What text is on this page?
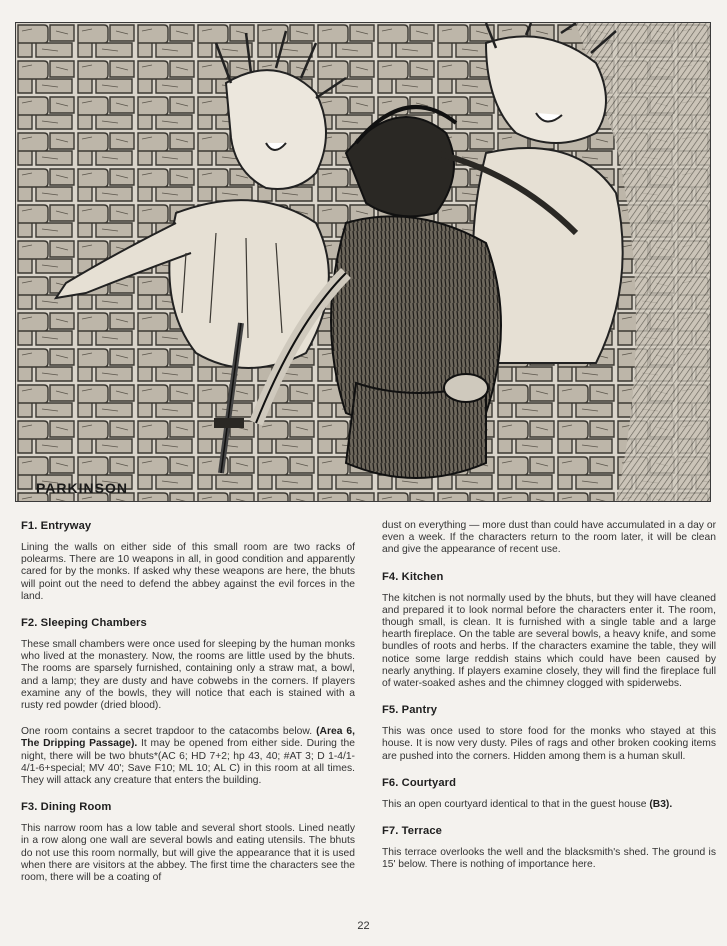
PARKINSON
F1. Entryway

Lining the walls on either side of this small room are two racks of polearms. There are 10 weapons in all, in good condition and apparently cared for by the monks. If asked why these weapons are here, the bhuts will point out the need to defend the abbey against the evil forces in the land.

F2. Sleeping Chambers

These small chambers were once used for sleeping by the human monks who lived at the monastery. Now, the rooms are little used by the bhuts. The rooms are sparsely furnished, containing only a straw mat, a bowl, and a lamp; they are dusty and have cobwebs in the corners. If players examine any of the bowls, they will notice that each is stained with a rusty red powder (dried blood).

One room contains a secret trapdoor to the catacombs below. (Area 6, The Dripping Passage). It may be opened from either side. During the night, there will be two bhuts*(AC 6; HD 7+2; hp 43, 40; #AT 3; D 1-4/1-4/1-6+special; MV 40'; Save F10; ML 10; AL C) in this room at all times. They will attack any creature that enters the building.

F3. Dining Room

This narrow room has a low table and several short stools. Lined neatly in a row along one wall are several bowls and eating utensils. The bhuts do not use this room normally, but will give the appearance that it is used when there are visitors at the abbey. The first time the characters see the room, there will be a coating of

dust on everything — more dust than could have accumulated in a day or even a week. If the characters return to the room later, it will be clean and give the appearance of recent use.

F4. Kitchen

The kitchen is not normally used by the bhuts, but they will have cleaned and prepared it to look normal before the characters enter it. The room, though small, is clean. It is furnished with a single table and a large hearth fireplace. On the table are several bowls, a heavy knife, and some bundles of roots and herbs. If the characters examine the table, they will notice some large reddish stains which could have been caused by nearly anything. If players examine closely, they will find the fireplace full of water-soaked ashes and the chimney clogged with spiderwebs.

F5. Pantry

This was once used to store food for the monks who stayed at this house. It is now very dusty. Piles of rags and other broken cooking items are pushed into the corners. Hidden among them is a human skull.

F6. Courtyard

This an open courtyard identical to that in the guest house (B3).

F7. Terrace

This terrace overlooks the well and the blacksmith's shed. The ground is 15' below. There is nothing of importance here.

22
